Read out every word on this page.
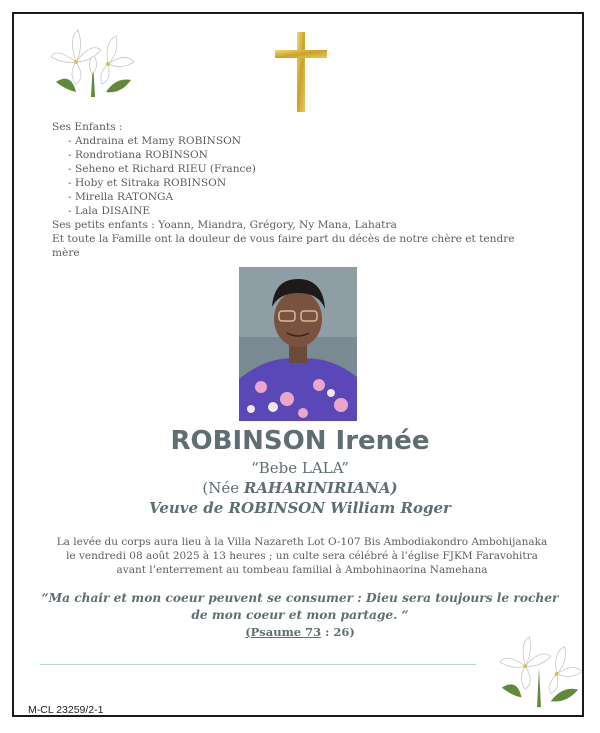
Ses Enfants :
- Andraina et Mamy ROBINSON
- Rondrotiana ROBINSON
- Seheno et Richard RIEU (France)
- Hoby et Sitraka ROBINSON
- Mirella RATONGA
- Lala DISAINE
Ses petits enfants : Yoann, Miandra, Grégory, Ny Mana, Lahatra
Et toute la Famille ont la douleur de vous faire part du décès de notre chère et tendre mère
ROBINSON Irenée
“Bebe LALA”
(Née RAHARINIRIANA)
Veuve de ROBINSON William Roger
La levée du corps aura lieu à la Villa Nazareth Lot O-107 Bis Ambodiakondro Ambohijanaka le vendredi 08 août 2025 à 13 heures ; un culte sera célébré à l’église FJKM Faravohitra avant l’enterrement au tombeau familial à Ambohinaorina Namehana
“Ma chair et mon coeur peuvent se consumer : Dieu sera toujours le rocher de mon coeur et mon partage. “
(Psaume 73 : 26)
M-CL 23259/2-1
